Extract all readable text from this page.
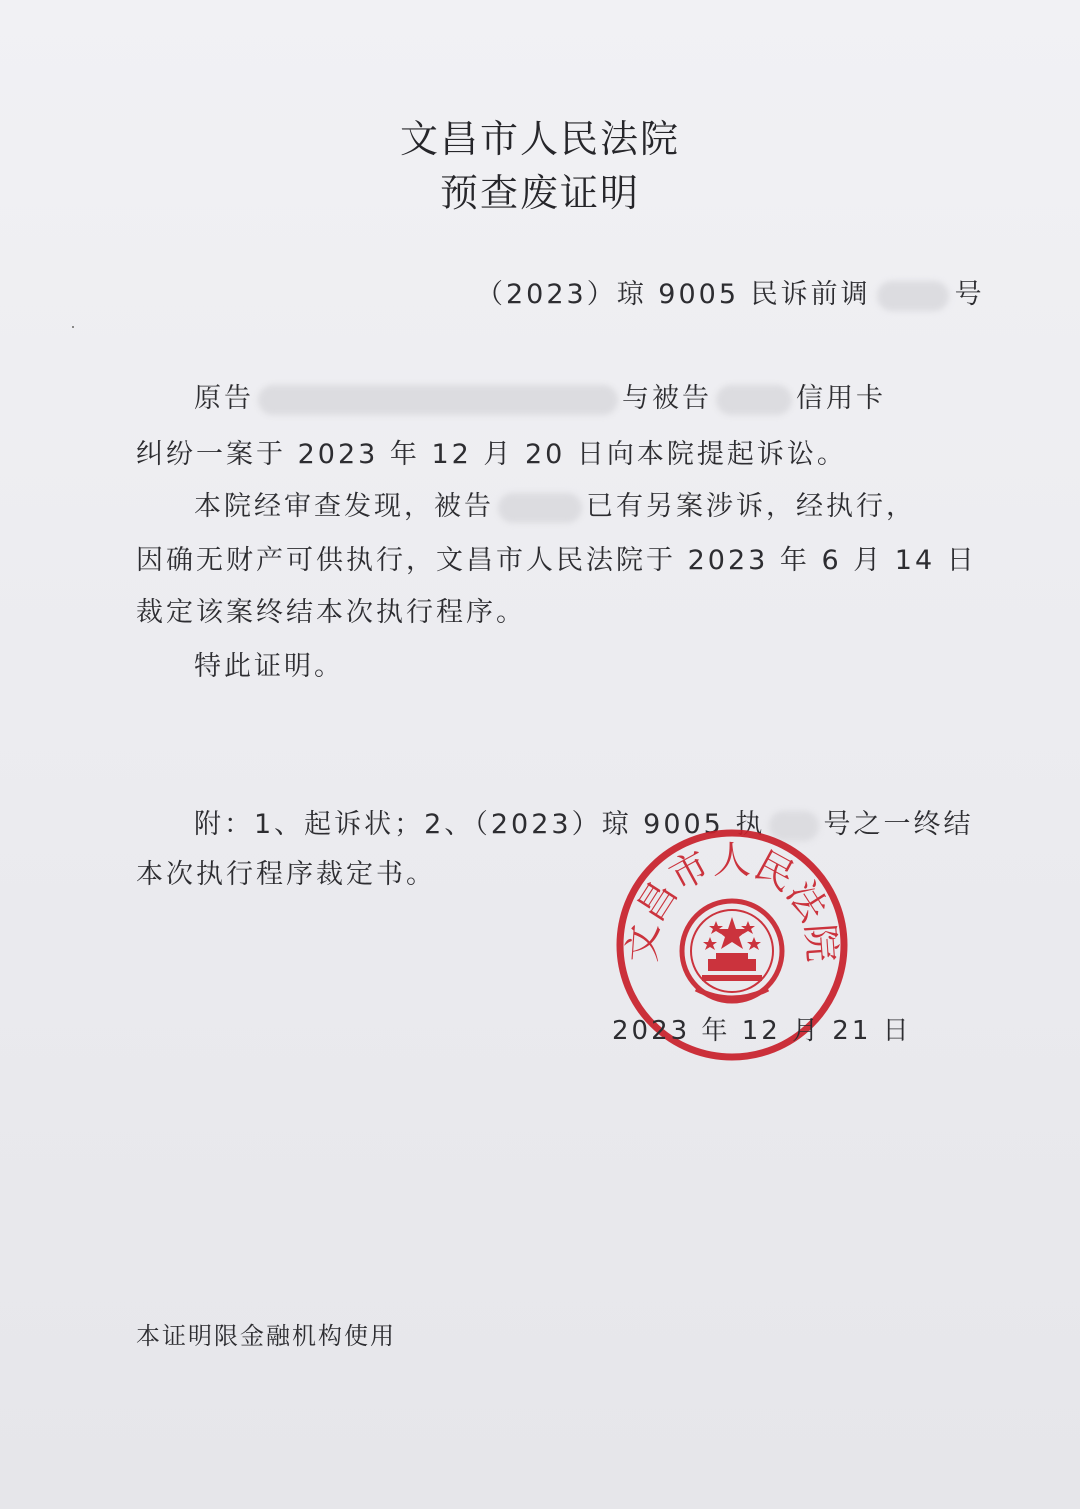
文昌市人民法院
预查废证明
（2023）琼 9005 民诉前调	号
原告	与被告	信用卡
纠纷一案于 2023 年 12 月 20 日向本院提起诉讼。
本院经审查发现，被告	已有另案涉诉，经执行，
因确无财产可供执行，文昌市人民法院于 2023 年 6 月 14 日
裁定该案终结本次执行程序。
特此证明。
附：1、起诉状；2、（2023）琼 9005 执 号之一终结
本次执行程序裁定书。
文昌市人民法院
2023 年 12 月 21 日
本证明限金融机构使用
